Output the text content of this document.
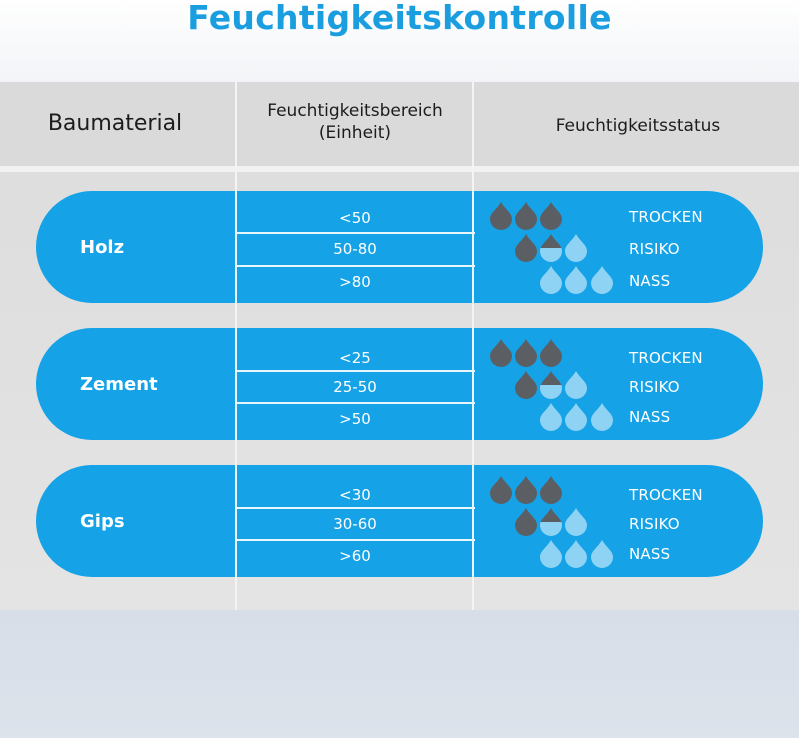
Feuchtigkeitskontrolle
Baumaterial	Feuchtigkeitsbereich
(Einheit)	Feuchtigkeitsstatus
Holz
<50
50-80
>80
TROCKEN
RISIKO
NASS
Zement
<25
25-50
>50
TROCKEN
RISIKO
NASS
Gips
<30
30-60
>60
TROCKEN
RISIKO
NASS
